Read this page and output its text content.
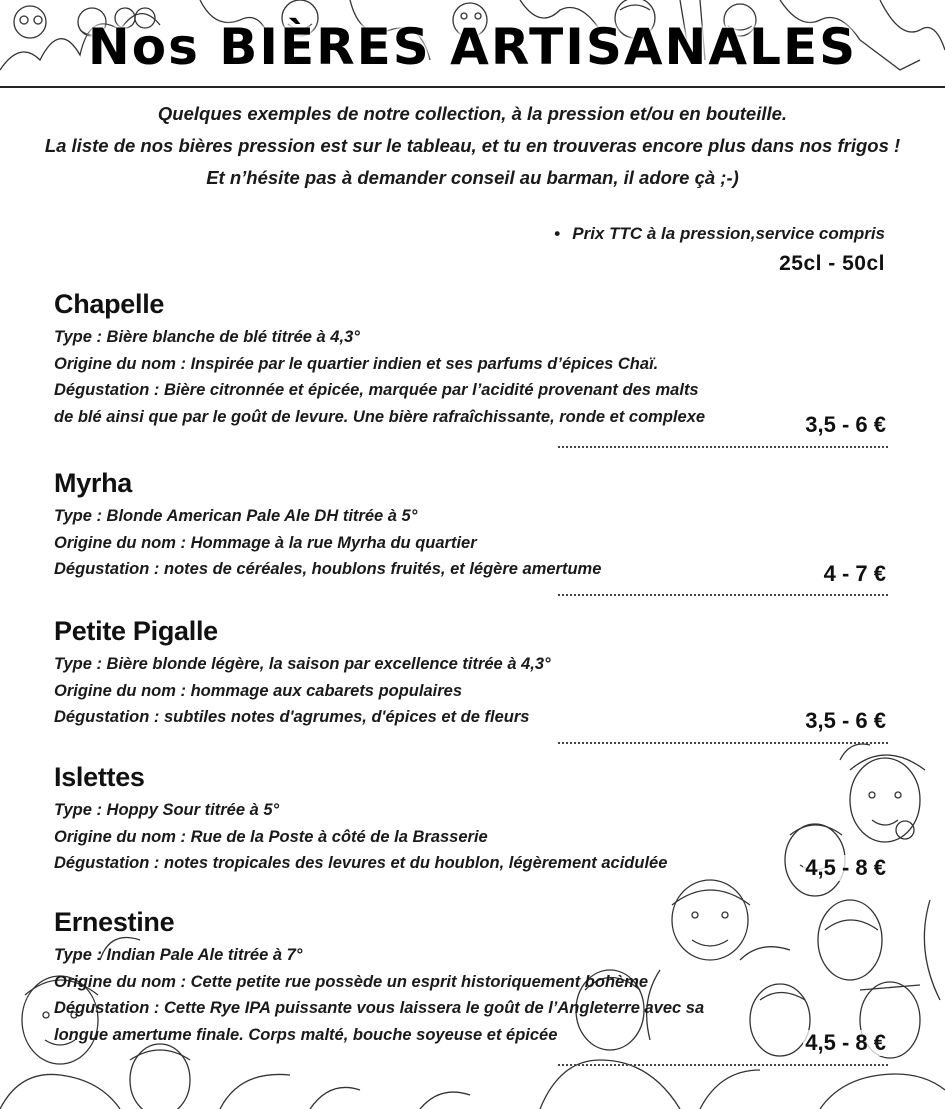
Nos BIÈRES ARTISANALES
Quelques exemples de notre collection, à la pression et/ou en bouteille.
La liste de nos bières pression est sur le tableau, et tu en trouveras encore plus dans nos frigos !
Et n’hésite pas à demander conseil au barman, il adore çà ;-)
• Prix TTC à la pression,service compris
25cl - 50cl
Chapelle
Type : Bière blanche de blé titrée à 4,3°
Origine du nom : Inspirée par le quartier indien et ses parfums d’épices Chaï.
Dégustation : Bière citronnée et épicée, marquée par l’acidité provenant des malts
de blé ainsi que par le goût de levure. Une bière rafraîchissante, ronde et complexe	3,5 - 6 €
Myrha
Type : Blonde American Pale Ale DH titrée à 5°
Origine du nom : Hommage à la rue Myrha du quartier
Dégustation : notes de céréales, houblons fruités, et légère amertume	4 - 7 €
Petite Pigalle
Type : Bière blonde légère, la saison par excellence titrée à 4,3°
Origine du nom : hommage aux cabarets populaires
Dégustation : subtiles notes d'agrumes, d'épices et de fleurs	3,5 - 6 €
Islettes
Type : Hoppy Sour titrée à 5°
Origine du nom : Rue de la Poste à côté de la Brasserie
Dégustation : notes tropicales des levures et du houblon, légèrement acidulée	4,5 - 8 €
Ernestine
Type : Indian Pale Ale titrée à 7°
Origine du nom : Cette petite rue possède un esprit historiquement bohème
Dégustation : Cette Rye IPA puissante vous laissera le goût de l’Angleterre avec sa
longue amertume finale. Corps malté, bouche soyeuse et épicée	4,5 - 8 €
